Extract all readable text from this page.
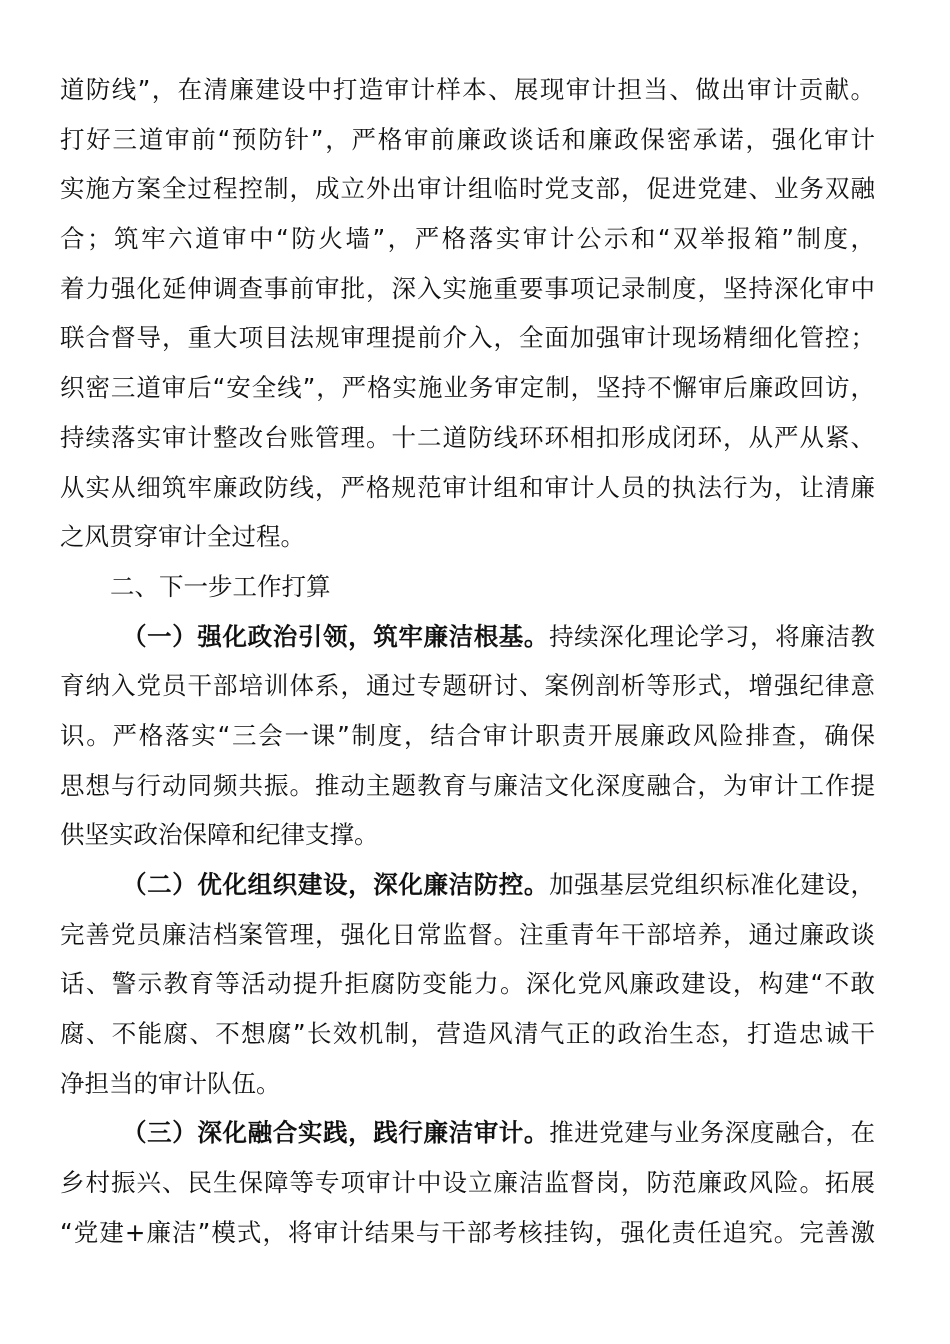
道防线”，在清廉建设中打造审计样本、展现审计担当、做出审计贡献。
打好三道审前“预防针”，严格审前廉政谈话和廉政保密承诺，强化审计
实施方案全过程控制，成立外出审计组临时党支部，促进党建、业务双融
合；筑牢六道审中“防火墙”，严格落实审计公示和“双举报箱”制度，
着力强化延伸调查事前审批，深入实施重要事项记录制度，坚持深化审中
联合督导，重大项目法规审理提前介入，全面加强审计现场精细化管控；
织密三道审后“安全线”，严格实施业务审定制，坚持不懈审后廉政回访，
持续落实审计整改台账管理。十二道防线环环相扣形成闭环，从严从紧、
从实从细筑牢廉政防线，严格规范审计组和审计人员的执法行为，让清廉
之风贯穿审计全过程。
二、下一步工作打算
（一）强化政治引领，筑牢廉洁根基。持续深化理论学习，将廉洁教
育纳入党员干部培训体系，通过专题研讨、案例剖析等形式，增强纪律意
识。严格落实“三会一课”制度，结合审计职责开展廉政风险排查，确保
思想与行动同频共振。推动主题教育与廉洁文化深度融合，为审计工作提
供坚实政治保障和纪律支撑。
（二）优化组织建设，深化廉洁防控。加强基层党组织标准化建设，
完善党员廉洁档案管理，强化日常监督。注重青年干部培养，通过廉政谈
话、警示教育等活动提升拒腐防变能力。深化党风廉政建设，构建“不敢
腐、不能腐、不想腐”长效机制，营造风清气正的政治生态，打造忠诚干
净担当的审计队伍。
（三）深化融合实践，践行廉洁审计。推进党建与业务深度融合，在
乡村振兴、民生保障等专项审计中设立廉洁监督岗，防范廉政风险。拓展
“党建+廉洁”模式，将审计结果与干部考核挂钩，强化责任追究。完善激
